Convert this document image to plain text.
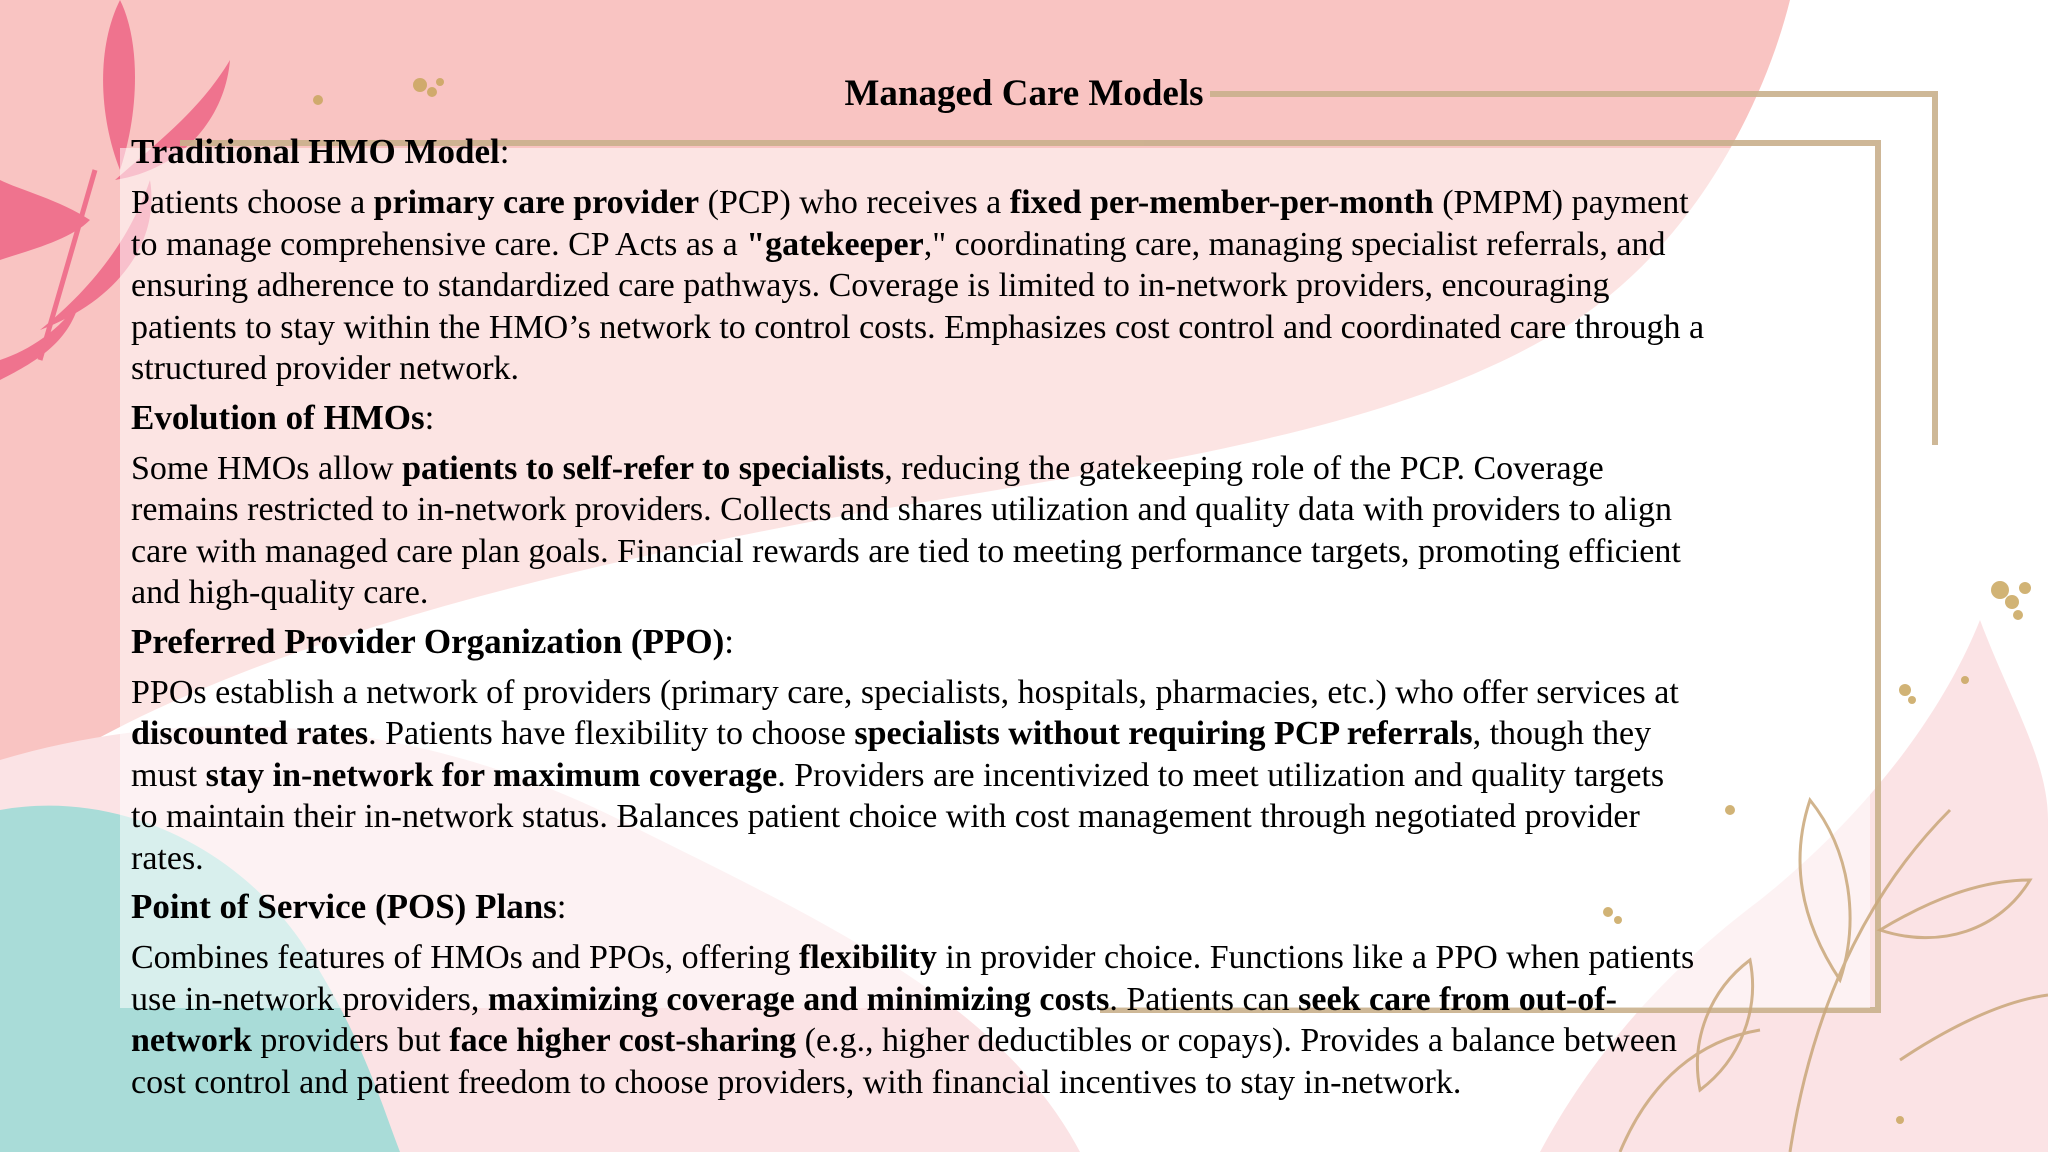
Managed Care Models
Traditional HMO Model:
Patients choose a primary care provider (PCP) who receives a fixed per-member-per-month (PMPM) payment
to manage comprehensive care. CP Acts as a "gatekeeper," coordinating care, managing specialist referrals, and
ensuring adherence to standardized care pathways. Coverage is limited to in-network providers, encouraging
patients to stay within the HMO’s network to control costs. Emphasizes cost control and coordinated care through a
structured provider network.
Evolution of HMOs:
Some HMOs allow patients to self-refer to specialists, reducing the gatekeeping role of the PCP. Coverage
remains restricted to in-network providers. Collects and shares utilization and quality data with providers to align
care with managed care plan goals. Financial rewards are tied to meeting performance targets, promoting efficient
and high-quality care.
Preferred Provider Organization (PPO):
PPOs establish a network of providers (primary care, specialists, hospitals, pharmacies, etc.) who offer services at
discounted rates. Patients have flexibility to choose specialists without requiring PCP referrals, though they
must stay in-network for maximum coverage. Providers are incentivized to meet utilization and quality targets
to maintain their in-network status. Balances patient choice with cost management through negotiated provider
rates.
Point of Service (POS) Plans:
Combines features of HMOs and PPOs, offering flexibility in provider choice. Functions like a PPO when patients
use in-network providers, maximizing coverage and minimizing costs. Patients can seek care from out-of-
network providers but face higher cost-sharing (e.g., higher deductibles or copays). Provides a balance between
cost control and patient freedom to choose providers, with financial incentives to stay in-network.
